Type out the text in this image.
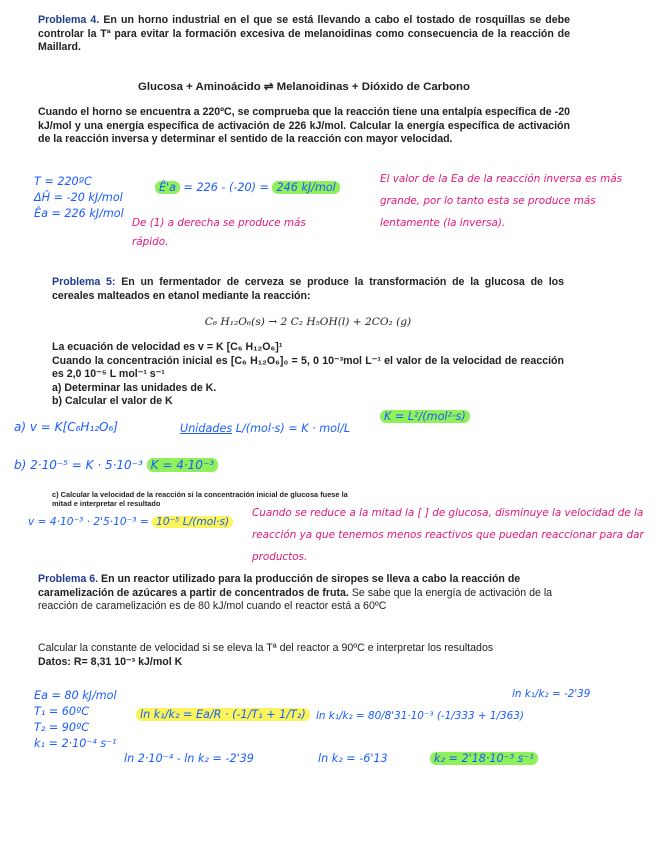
Problema 4. En un horno industrial en el que se está llevando a cabo el tostado de rosquillas se debe controlar la Tª para evitar la formación excesiva de melanoidinas como consecuencia de la reacción de Maillard.
Glucosa + Aminoácido ⇌ Melanoidinas + Dióxido de Carbono
Cuando el horno se encuentra a 220ºC, se comprueba que la reacción tiene una entalpía específica de -20 kJ/mol y una energía específica de activación de 226 kJ/mol. Calcular la energía específica de activación de la reacción inversa y determinar el sentido de la reacción con mayor velocidad.
T = 220ºC
ΔĤ = -20 kJ/mol
Êa = 226 kJ/mol
Ê'a = 226 - (-20) = 246 kJ/mol
De (1) a derecha se produce más rápido.
El valor de la Ea de la reacción inversa es más grande, por lo tanto esta se produce más lentamente (la inversa).
Problema 5: En un fermentador de cerveza se produce la transformación de la glucosa de los cereales malteados en etanol mediante la reacción:
C₆ H₁₂O₆(s) → 2 C₂ H₅OH(l) + 2CO₂ (g)
La ecuación de velocidad es v = K [C₆ H₁₂O₆]¹
Cuando la concentración inicial es [C₆ H₁₂O₆]₀ = 5, 0 10⁻³mol L⁻¹ el valor de la velocidad de reacción es 2,0 10⁻⁵ L mol⁻¹ s⁻¹
a) Determinar las unidades de K.
b) Calcular el valor de K
a) v = K[C₆H₁₂O₆]	Unidades L/(mol·s) = K · mol/L
K = L²/(mol²·s)
b) 2·10⁻⁵ = K · 5·10⁻³ K = 4·10⁻³
c) Calcular la velocidad de la reacción si la concentración inicial de glucosa fuese la mitad e interpretar el resultado
v = 4·10⁻³ · 2'5·10⁻³ = 10⁻⁵ L/(mol·s)
Cuando se reduce a la mitad la [ ] de glucosa, disminuye la velocidad de la reacción ya que tenemos menos reactivos que puedan reaccionar para dar productos.
Problema 6. En un reactor utilizado para la producción de siropes se lleva a cabo la reacción de caramelización de azúcares a partir de concentrados de fruta. Se sabe que la energía de activación de la reacción de caramelización es de 80 kJ/mol cuando el reactor está a 60ºC
Calcular la constante de velocidad si se eleva la Tª del reactor a 90ºC e interpretar los resultados
Datos: R= 8,31 10⁻³ kJ/mol K
Ea = 80 kJ/mol
T₁ = 60ºC
T₂ = 90ºC
k₁ = 2·10⁻⁴ s⁻¹
ln k₁/k₂ = Ea/R · (-1/T₁ + 1/T₂) ln k₁/k₂ = 80/8'31·10⁻³ (-1/333 + 1/363)
ln k₁/k₂ = -2'39
ln 2·10⁻⁴ - ln k₂ = -2'39	ln k₂ = -6'13	k₂ = 2'18·10⁻³ s⁻¹
